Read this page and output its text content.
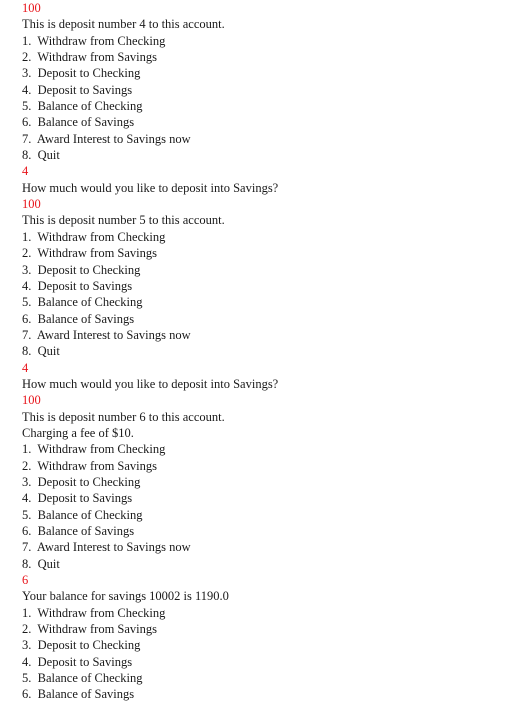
100
This is deposit number 4 to this account.
1.  Withdraw from Checking
2.  Withdraw from Savings
3.  Deposit to Checking
4.  Deposit to Savings
5.  Balance of Checking
6.  Balance of Savings
7.  Award Interest to Savings now
8.  Quit
4
How much would you like to deposit into Savings?
100
This is deposit number 5 to this account.
1.  Withdraw from Checking
2.  Withdraw from Savings
3.  Deposit to Checking
4.  Deposit to Savings
5.  Balance of Checking
6.  Balance of Savings
7.  Award Interest to Savings now
8.  Quit
4
How much would you like to deposit into Savings?
100
This is deposit number 6 to this account.
Charging a fee of $10.
1.  Withdraw from Checking
2.  Withdraw from Savings
3.  Deposit to Checking
4.  Deposit to Savings
5.  Balance of Checking
6.  Balance of Savings
7.  Award Interest to Savings now
8.  Quit
6
Your balance for savings 10002 is 1190.0
1.  Withdraw from Checking
2.  Withdraw from Savings
3.  Deposit to Checking
4.  Deposit to Savings
5.  Balance of Checking
6.  Balance of Savings
